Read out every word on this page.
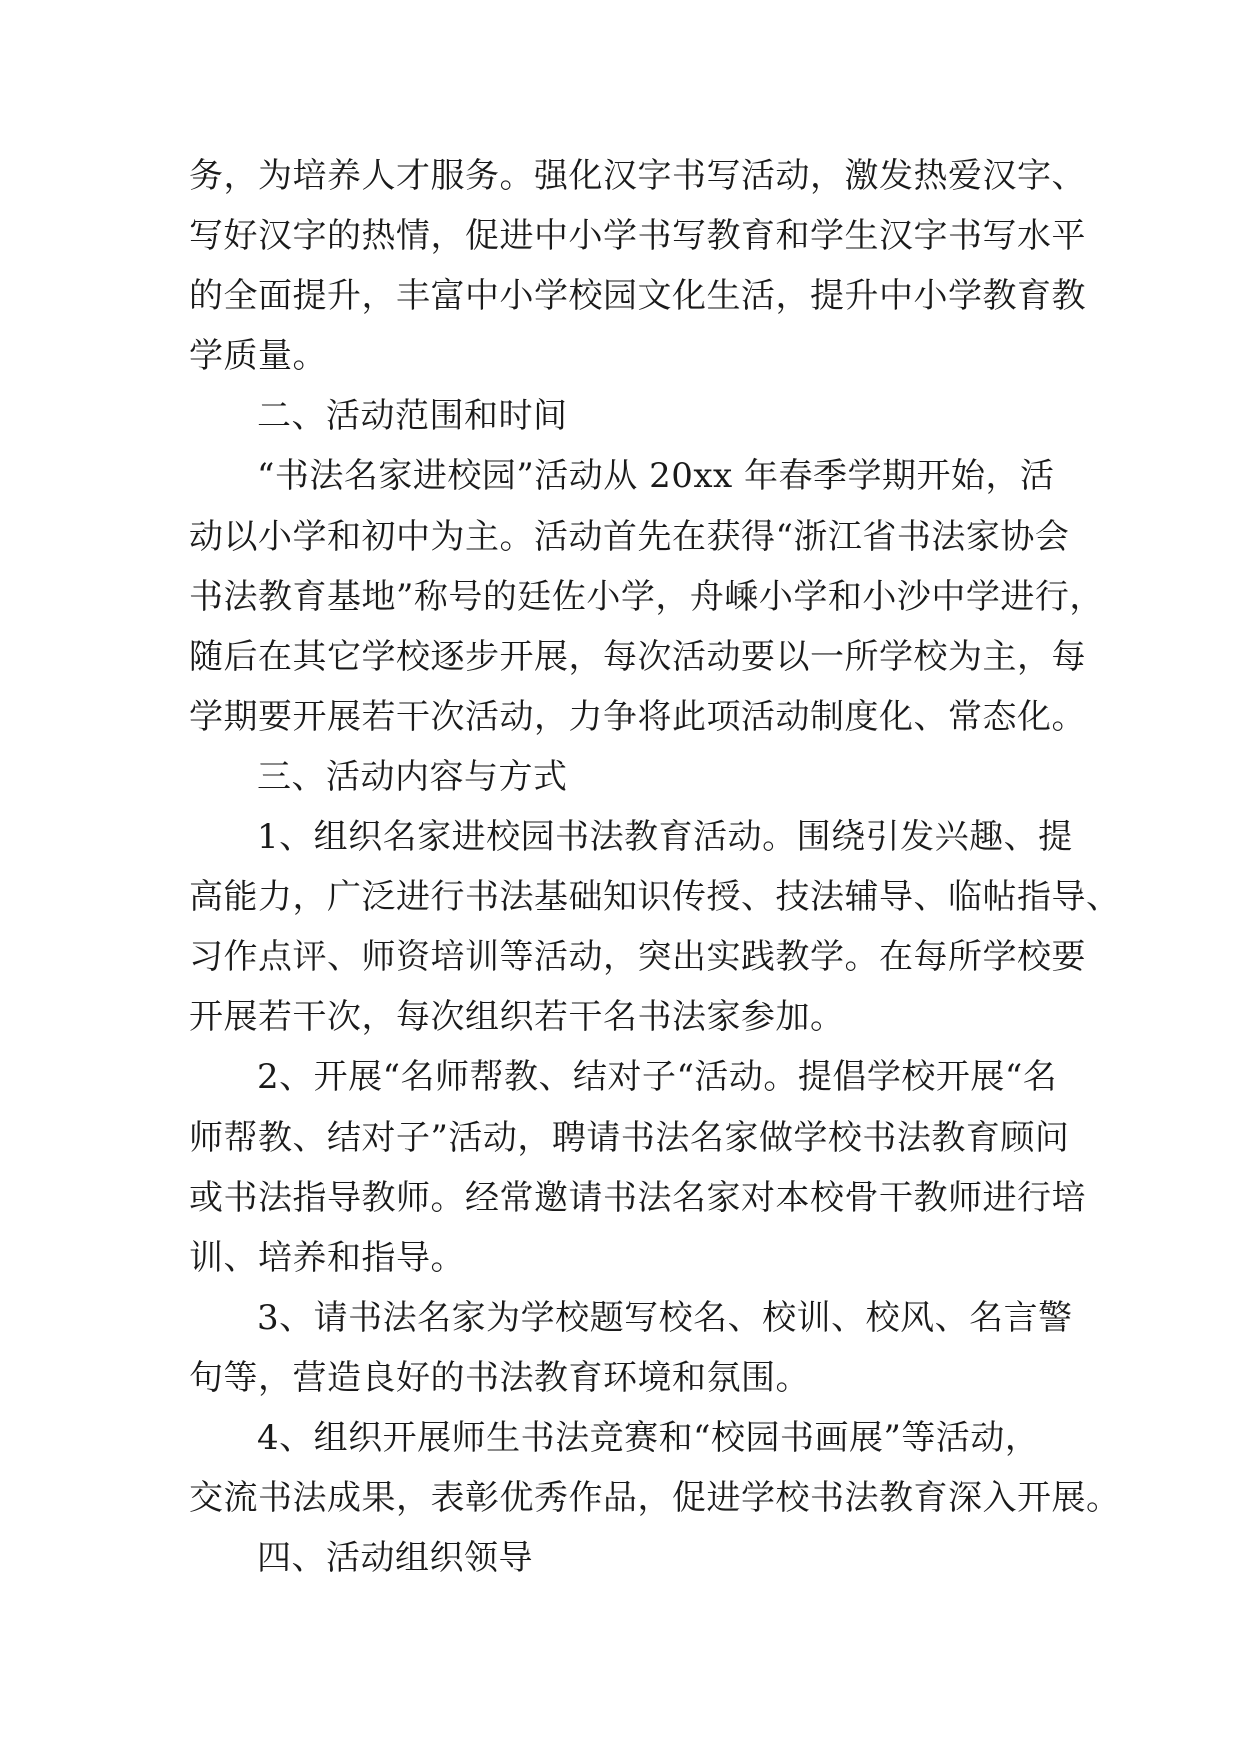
务，为培养人才服务。强化汉字书写活动，激发热爱汉字、
写好汉字的热情，促进中小学书写教育和学生汉字书写水平
的全面提升，丰富中小学校园文化生活，提升中小学教育教
学质量。
二、活动范围和时间
“书法名家进校园”活动从 20xx 年春季学期开始，活
动以小学和初中为主。活动首先在获得“浙江省书法家协会
书法教育基地”称号的廷佐小学，舟嵊小学和小沙中学进行，
随后在其它学校逐步开展，每次活动要以一所学校为主，每
学期要开展若干次活动，力争将此项活动制度化、常态化。
三、活动内容与方式
1、组织名家进校园书法教育活动。围绕引发兴趣、提
高能力，广泛进行书法基础知识传授、技法辅导、临帖指导、
习作点评、师资培训等活动，突出实践教学。在每所学校要
开展若干次，每次组织若干名书法家参加。
2、开展“名师帮教、结对子“活动。提倡学校开展“名
师帮教、结对子”活动，聘请书法名家做学校书法教育顾问
或书法指导教师。经常邀请书法名家对本校骨干教师进行培
训、培养和指导。
3、请书法名家为学校题写校名、校训、校风、名言警
句等，营造良好的书法教育环境和氛围。
4、组织开展师生书法竞赛和“校园书画展”等活动，
交流书法成果，表彰优秀作品，促进学校书法教育深入开展。
四、活动组织领导
